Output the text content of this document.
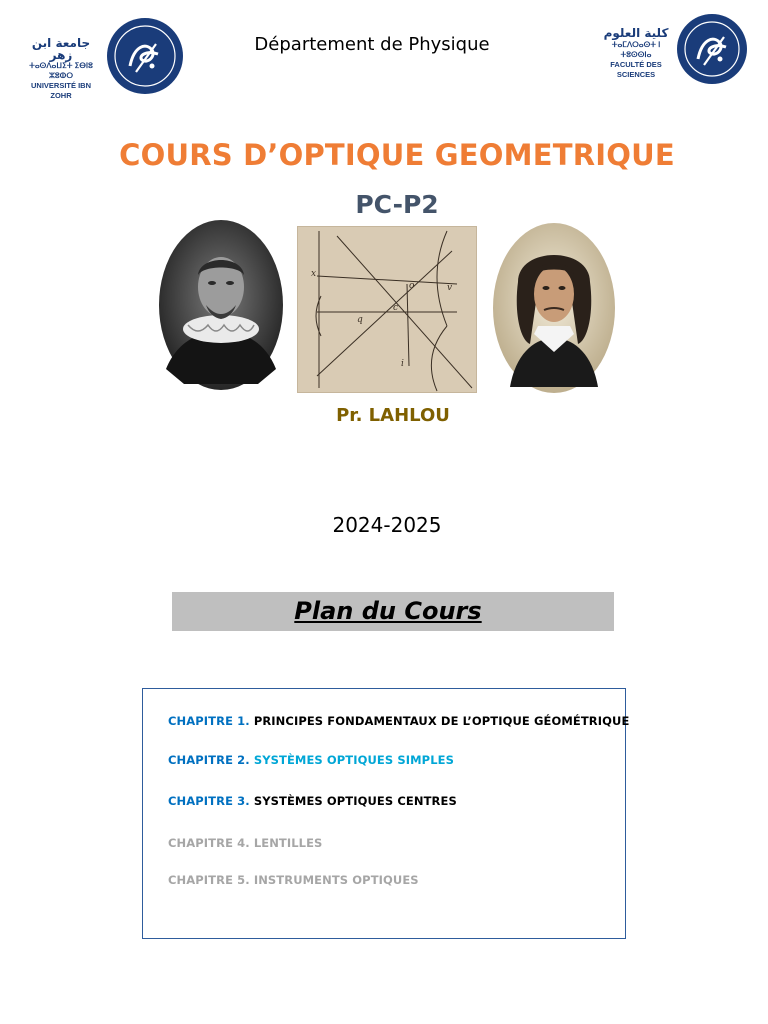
جامعة ابن زهر
ⵜⴰⵙⴷⴰⵡⵉⵜ ⵉⴱⵏⵓ ⵣⵓⵀⵔ
UNIVERSITÉ IBN ZOHR
Département de Physique
كلية العلوم
ⵜⴰⵎⴷⵔⴰⵙⵜ ⵏ ⵜⵓⵙⵙⵏⴰ
FACULTÉ DES SCIENCES
COURS D’OPTIQUE GEOMETRIQUE
PC-P2
x
o
q
v
c
i
Pr. LAHLOU
2024-2025
Plan du Cours
CHAPITRE 1. PRINCIPES FONDAMENTAUX DE L’OPTIQUE GÉOMÉTRIQUE
CHAPITRE 2. SYSTÈMES OPTIQUES SIMPLES
CHAPITRE 3. SYSTÈMES OPTIQUES CENTRES
CHAPITRE 4. LENTILLES
CHAPITRE 5. INSTRUMENTS OPTIQUES
